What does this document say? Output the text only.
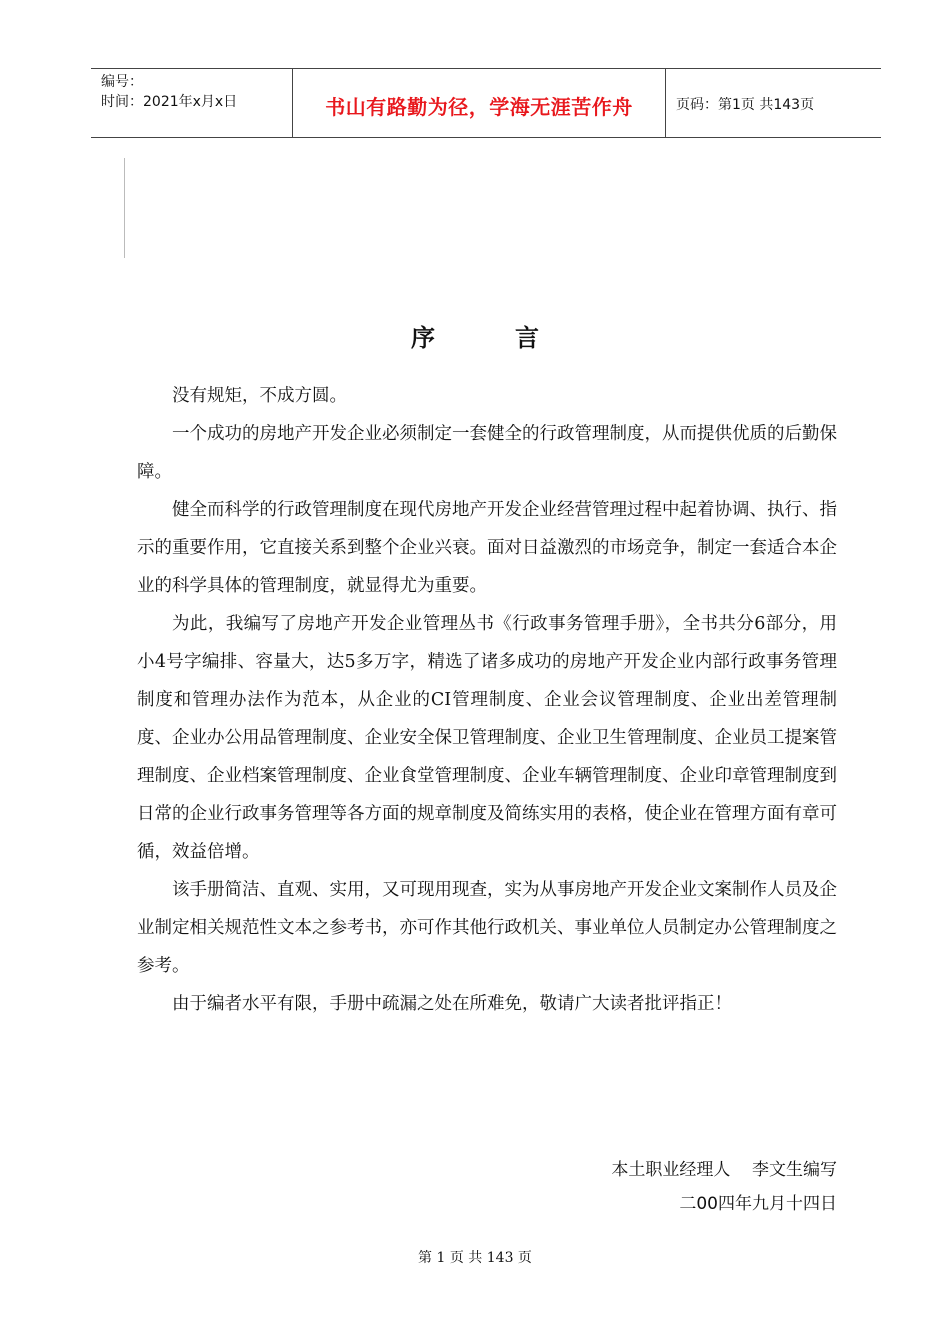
编号：
时间：2021年x月x日	书山有路勤为径，学海无涯苦作舟	页码：第1页 共143页
序　言

没有规矩，不成方圆。

一个成功的房地产开发企业必须制定一套健全的行政管理制度，从而提供优质的后勤保障。

健全而科学的行政管理制度在现代房地产开发企业经营管理过程中起着协调、执行、指示的重要作用，它直接关系到整个企业兴衰。面对日益激烈的市场竞争，制定一套适合本企业的科学具体的管理制度，就显得尤为重要。

为此，我编写了房地产开发企业管理丛书《行政事务管理手册》，全书共分6部分，用小4号字编排、容量大，达5多万字，精选了诸多成功的房地产开发企业内部行政事务管理制度和管理办法作为范本，从企业的CI管理制度、企业会议管理制度、企业出差管理制度、企业办公用品管理制度、企业安全保卫管理制度、企业卫生管理制度、企业员工提案管理制度、企业档案管理制度、企业食堂管理制度、企业车辆管理制度、企业印章管理制度到日常的企业行政事务管理等各方面的规章制度及简练实用的表格，使企业在管理方面有章可循，效益倍增。

该手册简洁、直观、实用，又可现用现查，实为从事房地产开发企业文案制作人员及企业制定相关规范性文本之参考书，亦可作其他行政机关、事业单位人员制定办公管理制度之参考。

由于编者水平有限，手册中疏漏之处在所难免，敬请广大读者批评指正！

本土职业经理人    李文生编写
二00四年九月十四日
第 1 页 共 143 页
